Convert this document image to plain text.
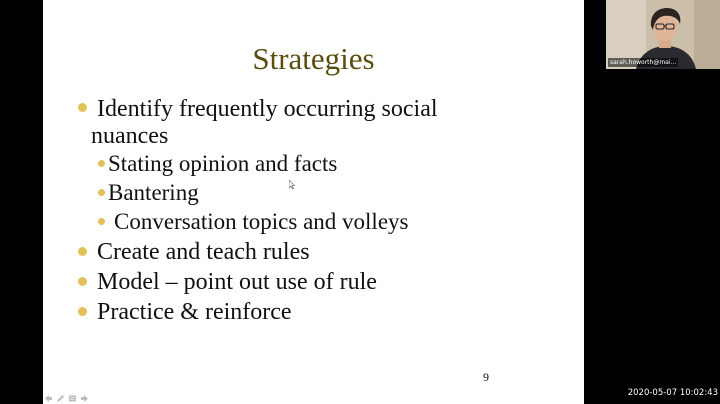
Strategies
Identify frequently occurring social
nuances
Stating opinion and facts
Bantering
Conversation topics and volleys
Create and teach rules
Model – point out use of rule
Practice & reinforce
9
sarah.howorth@mai...
2020-05-07 10:02:43
